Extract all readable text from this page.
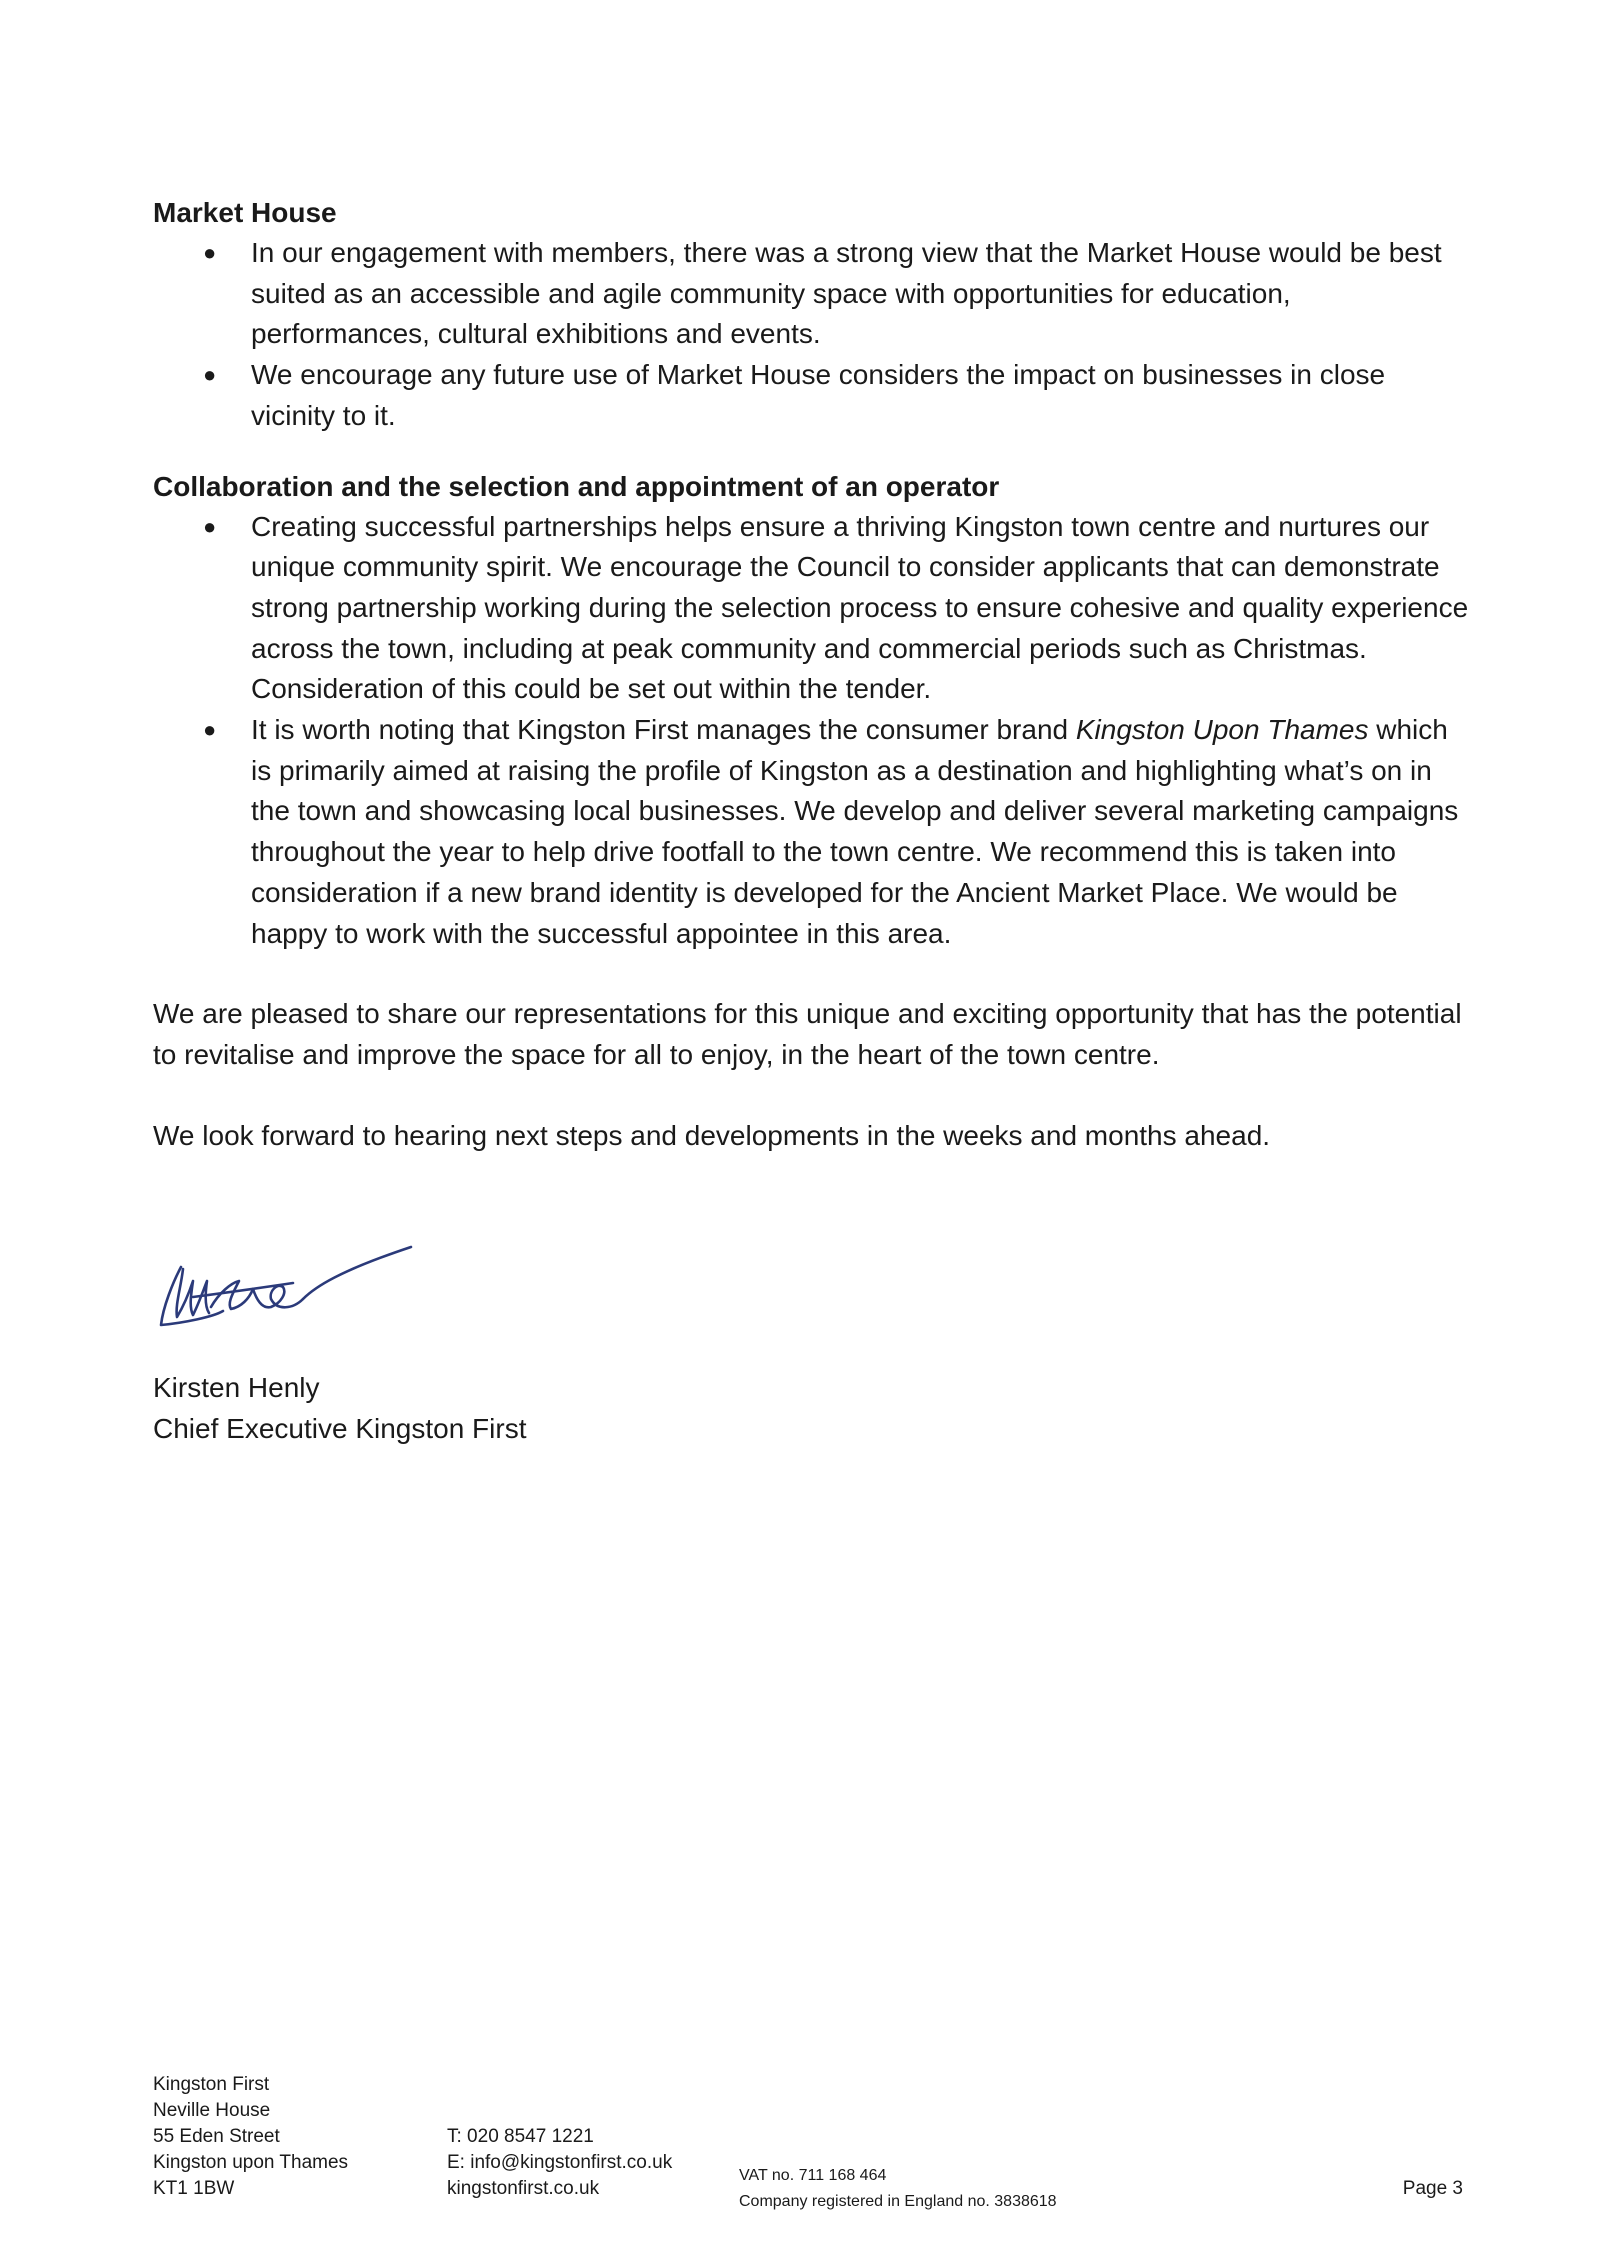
Market House

● In our engagement with members, there was a strong view that the Market House would be best suited as an accessible and agile community space with opportunities for education, performances, cultural exhibitions and events.
● We encourage any future use of Market House considers the impact on businesses in close vicinity to it.

Collaboration and the selection and appointment of an operator

● Creating successful partnerships helps ensure a thriving Kingston town centre and nurtures our unique community spirit. We encourage the Council to consider applicants that can demonstrate strong partnership working during the selection process to ensure cohesive and quality experience across the town, including at peak community and commercial periods such as Christmas. Consideration of this could be set out within the tender.
● It is worth noting that Kingston First manages the consumer brand Kingston Upon Thames which is primarily aimed at raising the profile of Kingston as a destination and highlighting what’s on in the town and showcasing local businesses. We develop and deliver several marketing campaigns throughout the year to help drive footfall to the town centre. We recommend this is taken into consideration if a new brand identity is developed for the Ancient Market Place. We would be happy to work with the successful appointee in this area.

We are pleased to share our representations for this unique and exciting opportunity that has the potential to revitalise and improve the space for all to enjoy, in the heart of the town centre.

We look forward to hearing next steps and developments in the weeks and months ahead.

Kirsten Henly
Chief Executive Kingston First
Kingston First
Neville House
55 Eden Street
Kingston upon Thames
KT1 1BW
T: 020 8547 1221
E: info@kingstonfirst.co.uk
kingstonfirst.co.uk
VAT no. 711 168 464
Company registered in England no. 3838618
Page 3
